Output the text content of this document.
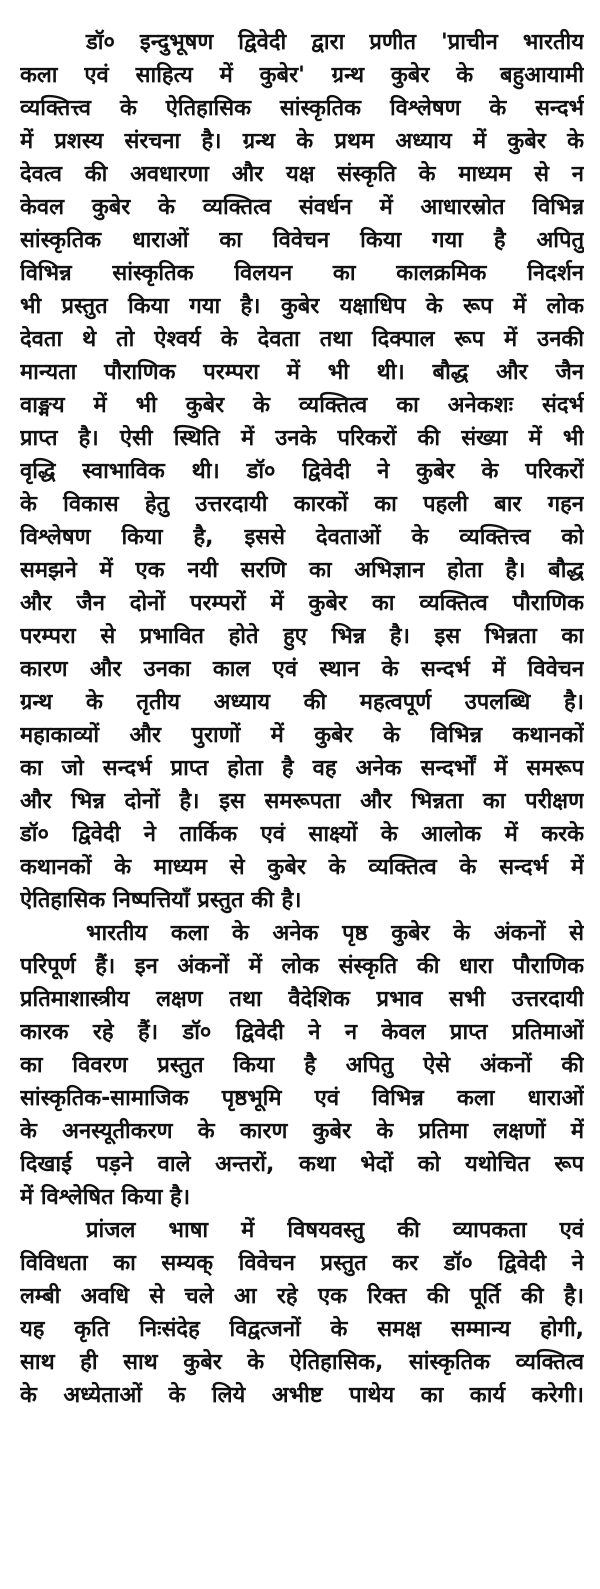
डॉ० इन्दुभूषण द्विवेदी द्वारा प्रणीत 'प्राचीन भारतीय
कला एवं साहित्य में कुबेर' ग्रन्थ कुबेर के बहुआयामी
व्यक्तित्त्व के ऐतिहासिक सांस्कृतिक विश्लेषण के सन्दर्भ
में प्रशस्य संरचना है। ग्रन्थ के प्रथम अध्याय में कुबेर के
देवत्व की अवधारणा और यक्ष संस्कृति के माध्यम से न
केवल कुबेर के व्यक्तित्व संवर्धन में आधारस्रोत विभिन्न
सांस्कृतिक धाराओं का विवेचन किया गया है अपितु
विभिन्न सांस्कृतिक विलयन का कालक्रमिक निदर्शन
भी प्रस्तुत किया गया है। कुबेर यक्षाधिप के रूप में लोक
देवता थे तो ऐश्वर्य के देवता तथा दिक्पाल रूप में उनकी
मान्यता पौराणिक परम्परा में भी थी। बौद्ध और जैन
वाङ्मय में भी कुबेर के व्यक्तित्व का अनेकशः संदर्भ
प्राप्त है। ऐसी स्थिति में उनके परिकरों की संख्या में भी
वृद्धि स्वाभाविक थी। डॉ० द्विवेदी ने कुबेर के परिकरों
के विकास हेतु उत्तरदायी कारकों का पहली बार गहन
विश्लेषण किया है, इससे देवताओं के व्यक्तित्त्व को
समझने में एक नयी सरणि का अभिज्ञान होता है। बौद्ध
और जैन दोनों परम्परों में कुबेर का व्यक्तित्व पौराणिक
परम्परा से प्रभावित होते हुए भिन्न है। इस भिन्नता का
कारण और उनका काल एवं स्थान के सन्दर्भ में विवेचन
ग्रन्थ के तृतीय अध्याय की महत्वपूर्ण उपलब्धि है।
महाकाव्यों और पुराणों में कुबेर के विभिन्न कथानकों
का जो सन्दर्भ प्राप्त होता है वह अनेक सन्दर्भों में समरूप
और भिन्न दोनों है। इस समरूपता और भिन्नता का परीक्षण
डॉ० द्विवेदी ने तार्किक एवं साक्ष्यों के आलोक में करके
कथानकों के माध्यम से कुबेर के व्यक्तित्व के सन्दर्भ में
ऐतिहासिक निष्पत्तियाँ प्रस्तुत की है।
भारतीय कला के अनेक पृष्ठ कुबेर के अंकनों से
परिपूर्ण हैं। इन अंकनों में लोक संस्कृति की धारा पौराणिक
प्रतिमाशास्त्रीय लक्षण तथा वैदेशिक प्रभाव सभी उत्तरदायी
कारक रहे हैं। डॉ० द्विवेदी ने न केवल प्राप्त प्रतिमाओं
का विवरण प्रस्तुत किया है अपितु ऐसे अंकनों की
सांस्कृतिक-सामाजिक पृष्ठभूमि एवं विभिन्न कला धाराओं
के अनस्यूतीकरण के कारण कुबेर के प्रतिमा लक्षणों में
दिखाई पड़ने वाले अन्तरों, कथा भेदों को यथोचित रूप
में विश्लेषित किया है।
प्रांजल भाषा में विषयवस्तु की व्यापकता एवं
विविधता का सम्यक् विवेचन प्रस्तुत कर डॉ० द्विवेदी ने
लम्बी अवधि से चले आ रहे एक रिक्त की पूर्ति की है।
यह कृति निःसंदेह विद्वत्जनों के समक्ष सम्मान्य होगी,
साथ ही साथ कुबेर के ऐतिहासिक, सांस्कृतिक व्यक्तित्व
के अध्येताओं के लिये अभीष्ट पाथेय का कार्य करेगी।
